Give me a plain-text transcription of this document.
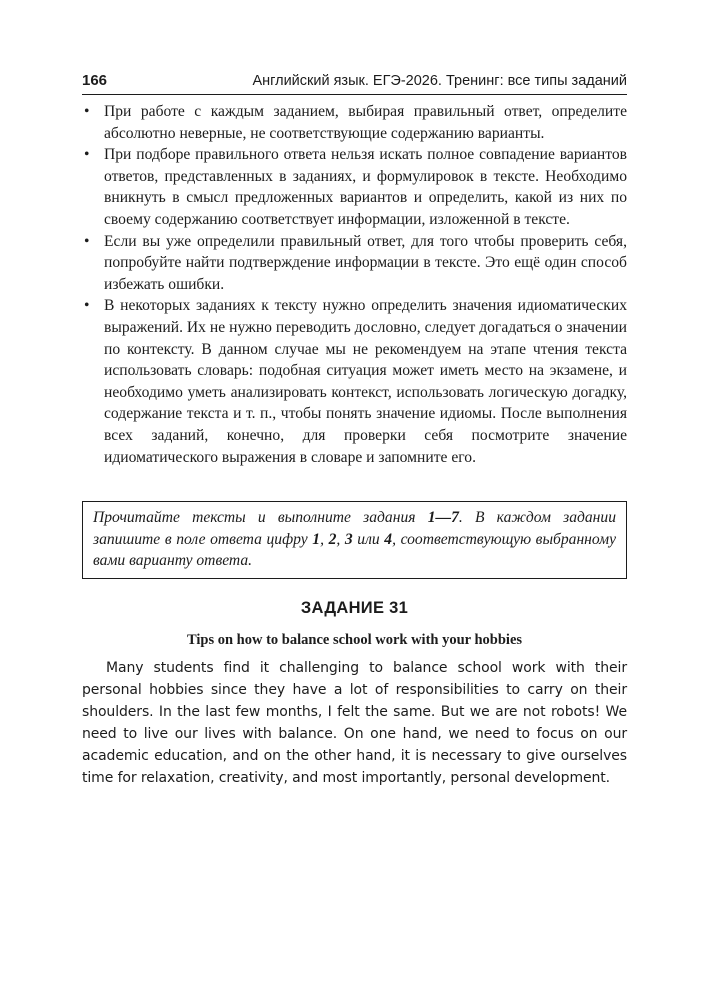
166	Английский язык. ЕГЭ-2026. Тренинг: все типы заданий
• При работе с каждым заданием, выбирая правильный ответ, определите абсолютно неверные, не соответствующие содержанию варианты.
• При подборе правильного ответа нельзя искать полное совпадение вариантов ответов, представленных в заданиях, и формулировок в тексте. Необходимо вникнуть в смысл предложенных вариантов и определить, какой из них по своему содержанию соответствует информации, изложенной в тексте.
• Если вы уже определили правильный ответ, для того чтобы проверить себя, попробуйте найти подтверждение информации в тексте. Это ещё один способ избежать ошибки.
• В некоторых заданиях к тексту нужно определить значения идиоматических выражений. Их не нужно переводить дословно, следует догадаться о значении по контексту. В данном случае мы не рекомендуем на этапе чтения текста использовать словарь: подобная ситуация может иметь место на экзамене, и необходимо уметь анализировать контекст, использовать логическую догадку, содержание текста и т. п., чтобы понять значение идиомы. После выполнения всех заданий, конечно, для проверки себя посмотрите значение идиоматического выражения в словаре и запомните его.
Прочитайте тексты и выполните задания 1—7. В каждом задании запишите в поле ответа цифру 1, 2, 3 или 4, соответствующую выбранному вами варианту ответа.
ЗАДАНИЕ 31
Tips on how to balance school work with your hobbies

Many students find it challenging to balance school work with their personal hobbies since they have a lot of responsibilities to carry on their shoulders. In the last few months, I felt the same. But we are not robots! We need to live our lives with balance. On one hand, we need to focus on our academic education, and on the other hand, it is necessary to give ourselves time for relaxation, creativity, and most importantly, personal development.
